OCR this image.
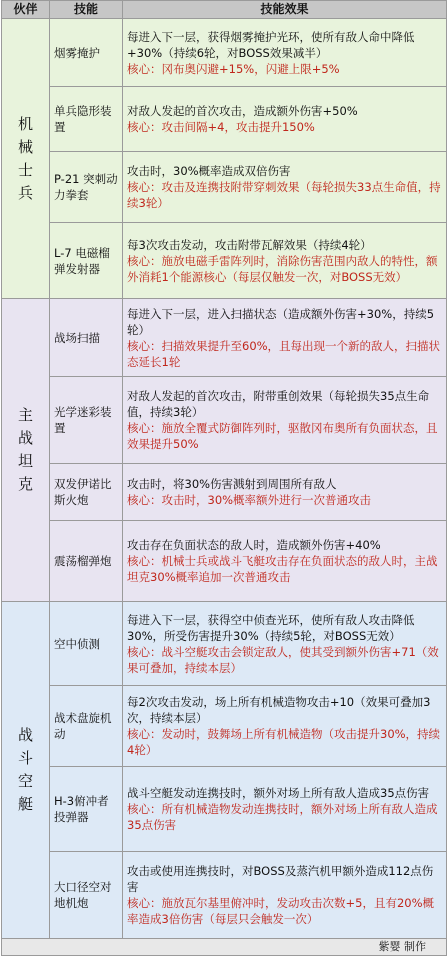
伙伴	技能	技能效果
机械士兵	烟雾掩护	每进入下一层，获得烟雾掩护光环，使所有敌人命中降低+30%（持续6轮，对BOSS效果减半）
核心：冈布奥闪避+15%，闪避上限+5%

	单兵隐形装置	对敌人发起的首次攻击，造成额外伤害+50%
核心：攻击间隔+4，攻击提升150%

	P-21 突刺动力拳套	攻击时，30%概率造成双倍伤害
核心：攻击及连携技附带穿刺效果（每轮损失33点生命值，持续3轮）

	L-7 电磁榴弹发射器	每3次攻击发动，攻击附带瓦解效果（持续4轮）
核心：施放电磁手雷阵列时，消除伤害范围内敌人的特性，额外消耗1个能源核心（每层仅触发一次，对BOSS无效）

主战坦克	战场扫描	每进入下一层，进入扫描状态（造成额外伤害+30%，持续5轮）
核心：扫描效果提升至60%，且每出现一个新的敌人，扫描状态延长1轮

	光学迷彩装置	对敌人发起的首次攻击，附带重创效果（每轮损失35点生命值，持续3轮）
核心：施放全覆式防御阵列时，驱散冈布奥所有负面状态，且效果提升50%

	双发伊诺比斯火炮	攻击时，将30%伤害溅射到周围所有敌人
核心：攻击时，30%概率额外进行一次普通攻击

	震荡榴弹炮	攻击存在负面状态的敌人时，造成额外伤害+40%
核心：机械士兵或战斗飞艇攻击存在负面状态的敌人时，主战坦克30%概率追加一次普通攻击

战斗空艇	空中侦测	每进入下一层，获得空中侦查光环，使所有敌人攻击降低30%，所受伤害提升30%（持续5轮，对BOSS无效）
核心：战斗空艇攻击会锁定敌人，使其受到额外伤害+71（效果可叠加，持续本层）

	战术盘旋机动	每2次攻击发动，场上所有机械造物攻击+10（效果可叠加3次，持续本层）
核心：发动时，鼓舞场上所有机械造物（攻击提升30%，持续4轮）

	H-3俯冲者投弹器	战斗空艇发动连携技时，额外对场上所有敌人造成35点伤害
核心：所有机械造物发动连携技时，额外对场上所有敌人造成35点伤害

	大口径空对地机炮	攻击或使用连携技时，对BOSS及蒸汽机甲额外造成112点伤害
核心：施放瓦尔基里俯冲时，发动攻击次数+5，且有20%概率造成3倍伤害（每层只会触发一次）

紫婴 制作		
